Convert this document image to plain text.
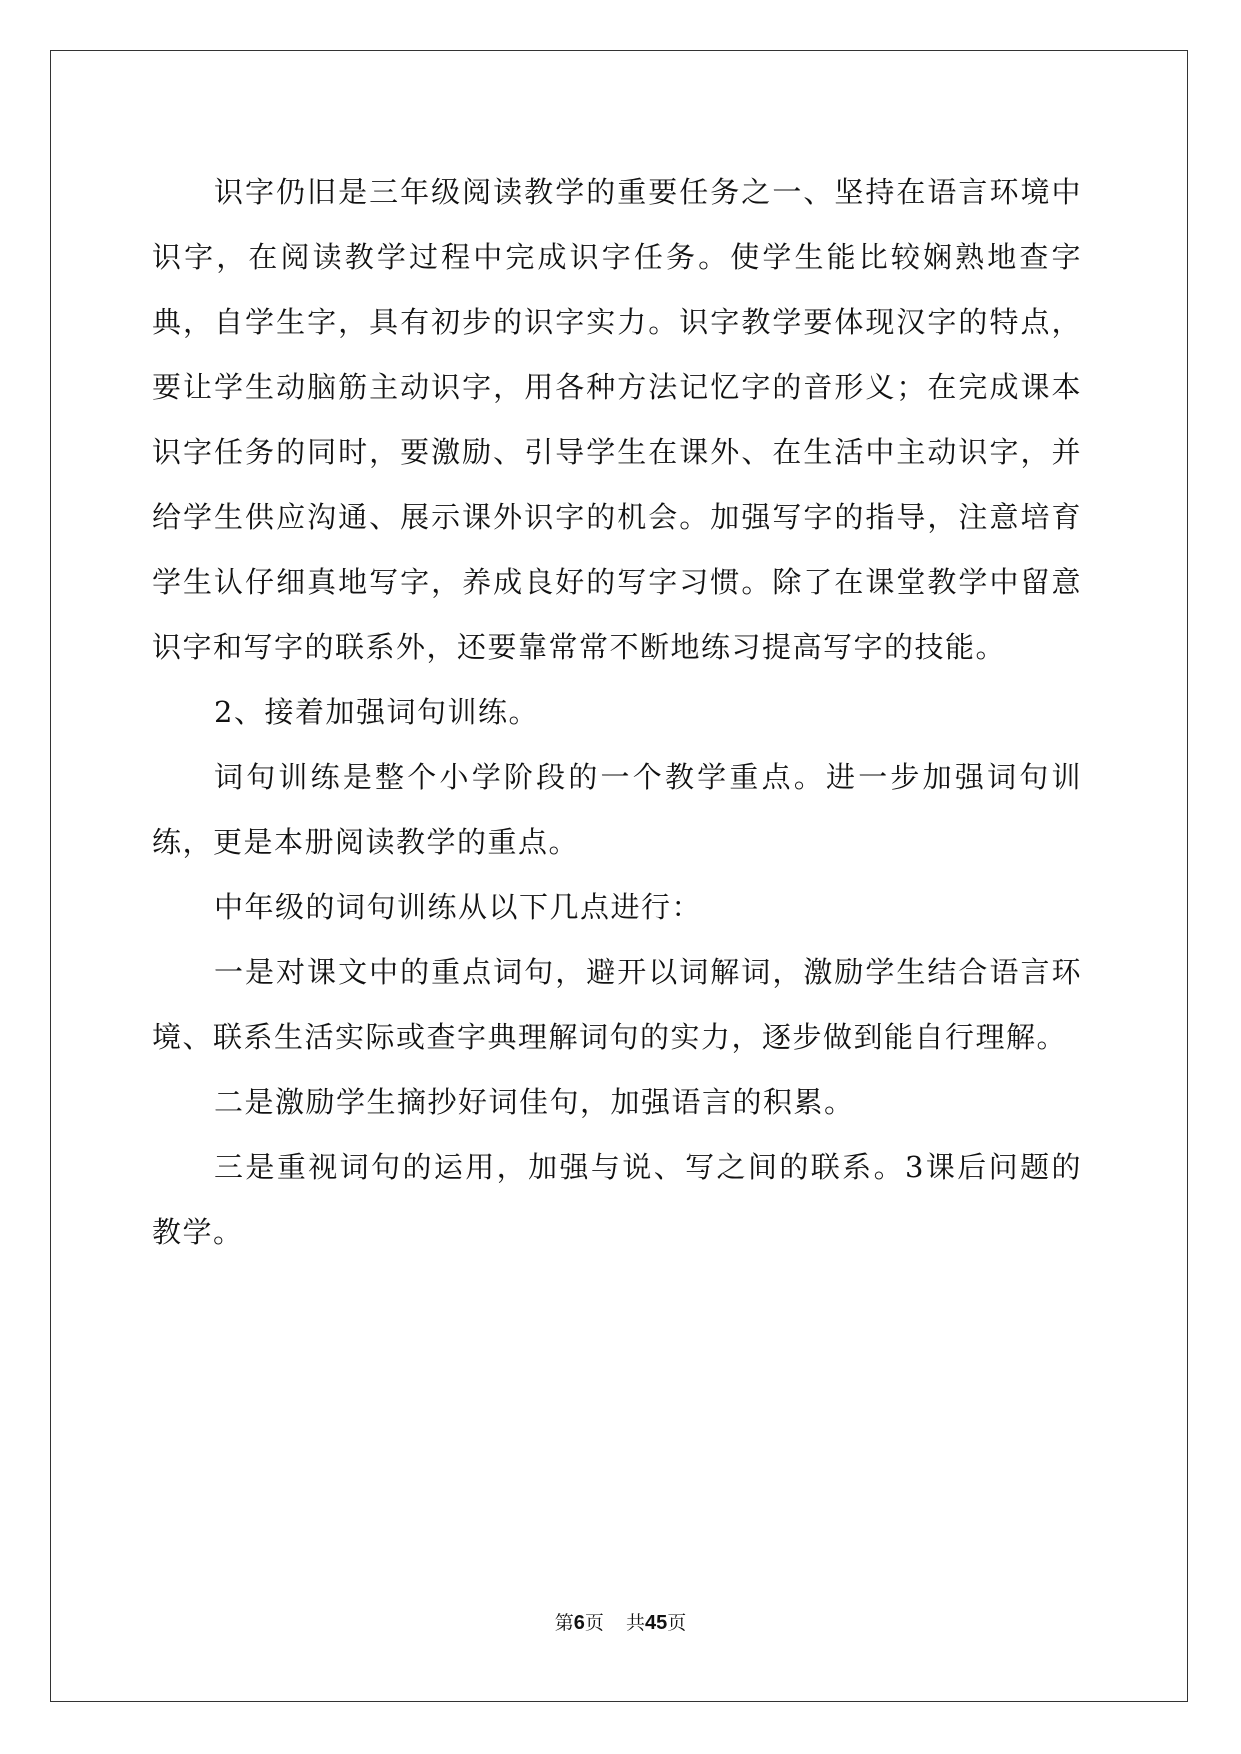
识字仍旧是三年级阅读教学的重要任务之一、坚持在语言环境中识字，在阅读教学过程中完成识字任务。使学生能比较娴熟地查字典，自学生字，具有初步的识字实力。识字教学要体现汉字的特点，要让学生动脑筋主动识字，用各种方法记忆字的音形义；在完成课本识字任务的同时，要激励、引导学生在课外、在生活中主动识字，并给学生供应沟通、展示课外识字的机会。加强写字的指导，注意培育学生认仔细真地写字，养成良好的写字习惯。除了在课堂教学中留意识字和写字的联系外，还要靠常常不断地练习提高写字的技能。

2、接着加强词句训练。

词句训练是整个小学阶段的一个教学重点。进一步加强词句训练，更是本册阅读教学的重点。

中年级的词句训练从以下几点进行：

一是对课文中的重点词句，避开以词解词，激励学生结合语言环境、联系生活实际或查字典理解词句的实力，逐步做到能自行理解。

二是激励学生摘抄好词佳句，加强语言的积累。

三是重视词句的运用，加强与说、写之间的联系。3课后问题的教学。

第6页 共45页
